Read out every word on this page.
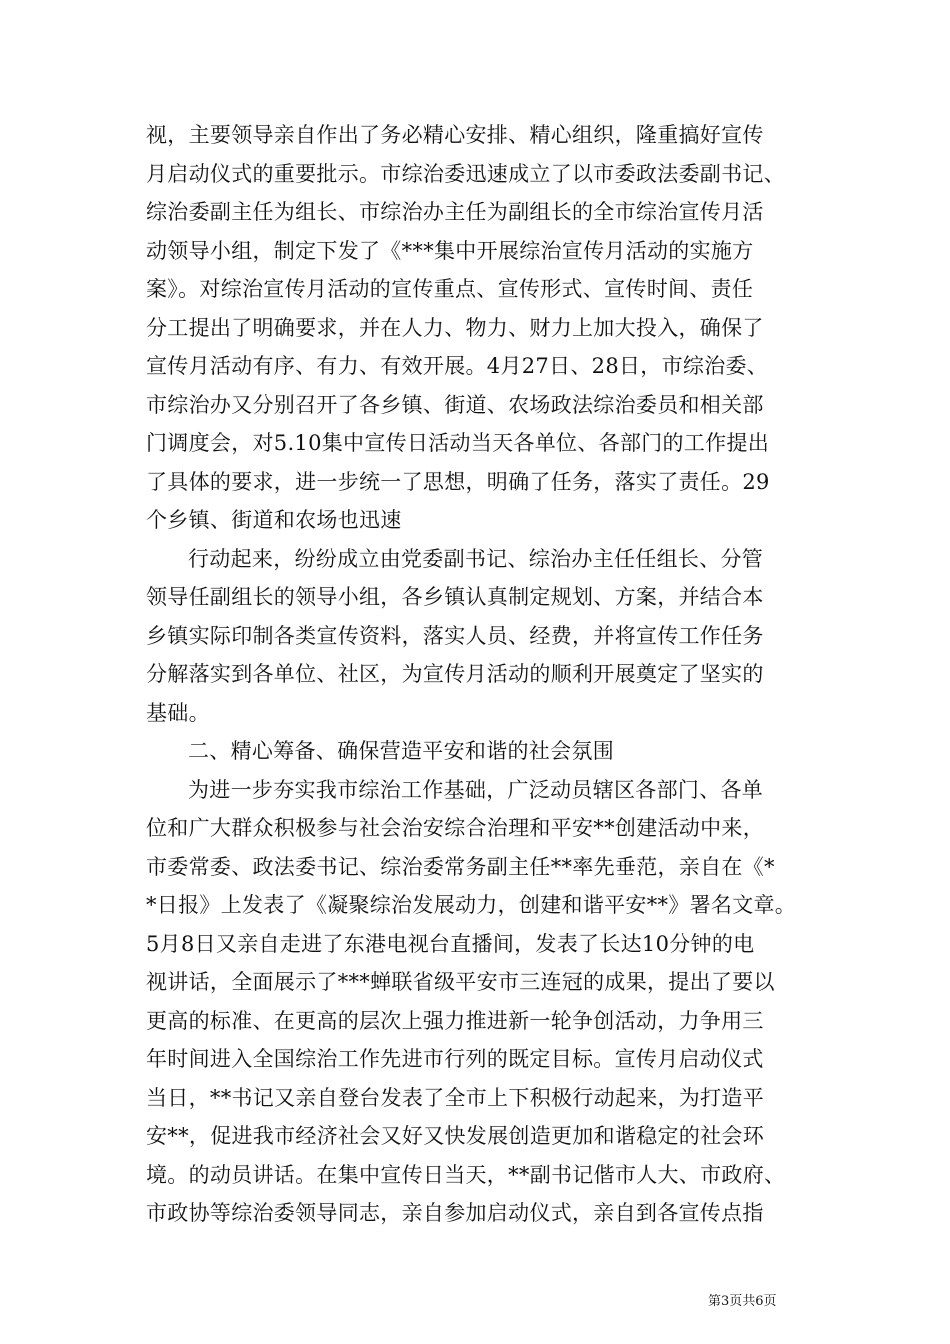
视，主要领导亲自作出了务必精心安排、精心组织，隆重搞好宣传
月启动仪式的重要批示。市综治委迅速成立了以市委政法委副书记、
综治委副主任为组长、市综治办主任为副组长的全市综治宣传月活
动领导小组，制定下发了《***集中开展综治宣传月活动的实施方
案》。对综治宣传月活动的宣传重点、宣传形式、宣传时间、责任
分工提出了明确要求，并在人力、物力、财力上加大投入，确保了
宣传月活动有序、有力、有效开展。4月27日、28日，市综治委、
市综治办又分别召开了各乡镇、街道、农场政法综治委员和相关部
门调度会，对5.10集中宣传日活动当天各单位、各部门的工作提出
了具体的要求，进一步统一了思想，明确了任务，落实了责任。29
个乡镇、街道和农场也迅速
行动起来，纷纷成立由党委副书记、综治办主任任组长、分管
领导任副组长的领导小组，各乡镇认真制定规划、方案，并结合本
乡镇实际印制各类宣传资料，落实人员、经费，并将宣传工作任务
分解落实到各单位、社区，为宣传月活动的顺利开展奠定了坚实的
基础。
二、精心筹备、确保营造平安和谐的社会氛围
为进一步夯实我市综治工作基础，广泛动员辖区各部门、各单
位和广大群众积极参与社会治安综合治理和平安**创建活动中来，
市委常委、政法委书记、综治委常务副主任**率先垂范，亲自在《*
*日报》上发表了《凝聚综治发展动力，创建和谐平安**》署名文章。
5月8日又亲自走进了东港电视台直播间，发表了长达10分钟的电
视讲话，全面展示了***蝉联省级平安市三连冠的成果，提出了要以
更高的标准、在更高的层次上强力推进新一轮争创活动，力争用三
年时间进入全国综治工作先进市行列的既定目标。宣传月启动仪式
当日，**书记又亲自登台发表了全市上下积极行动起来，为打造平
安**，促进我市经济社会又好又快发展创造更加和谐稳定的社会环
境。的动员讲话。在集中宣传日当天，**副书记偕市人大、市政府、
市政协等综治委领导同志，亲自参加启动仪式，亲自到各宣传点指
第3页共6页
